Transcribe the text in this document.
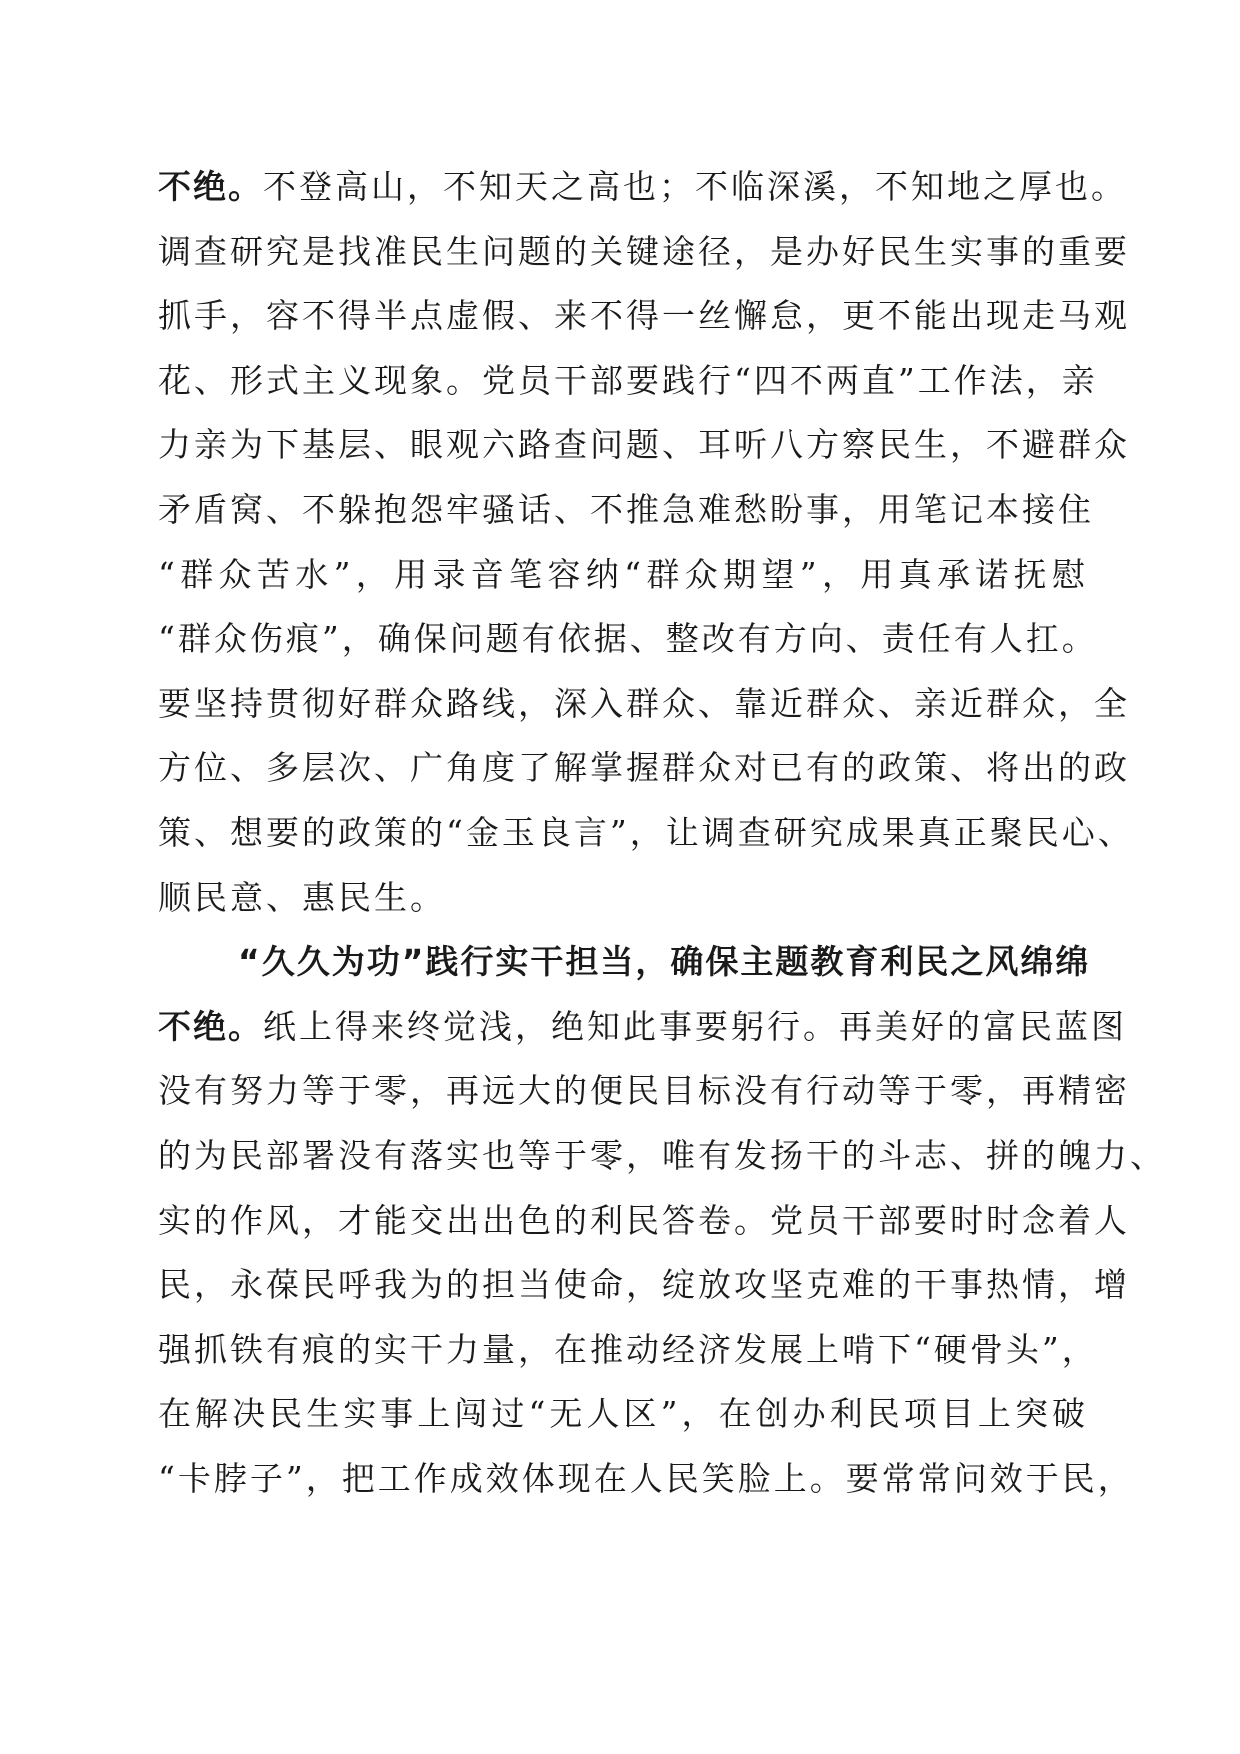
不绝。不登高山，不知天之高也；不临深溪，不知地之厚也。
调查研究是找准民生问题的关键途径，是办好民生实事的重要
抓手，容不得半点虚假、来不得一丝懈怠，更不能出现走马观
花、形式主义现象。党员干部要践行“四不两直”工作法，亲
力亲为下基层、眼观六路查问题、耳听八方察民生，不避群众
矛盾窝、不躲抱怨牢骚话、不推急难愁盼事，用笔记本接住
“群众苦水”，用录音笔容纳“群众期望”，用真承诺抚慰
“群众伤痕”，确保问题有依据、整改有方向、责任有人扛。
要坚持贯彻好群众路线，深入群众、靠近群众、亲近群众，全
方位、多层次、广角度了解掌握群众对已有的政策、将出的政
策、想要的政策的“金玉良言”，让调查研究成果真正聚民心、
顺民意、惠民生。
“久久为功”践行实干担当，确保主题教育利民之风绵绵
不绝。纸上得来终觉浅，绝知此事要躬行。再美好的富民蓝图
没有努力等于零，再远大的便民目标没有行动等于零，再精密
的为民部署没有落实也等于零，唯有发扬干的斗志、拼的魄力、
实的作风，才能交出出色的利民答卷。党员干部要时时念着人
民，永葆民呼我为的担当使命，绽放攻坚克难的干事热情，增
强抓铁有痕的实干力量，在推动经济发展上啃下“硬骨头”，
在解决民生实事上闯过“无人区”，在创办利民项目上突破
“卡脖子”，把工作成效体现在人民笑脸上。要常常问效于民，
